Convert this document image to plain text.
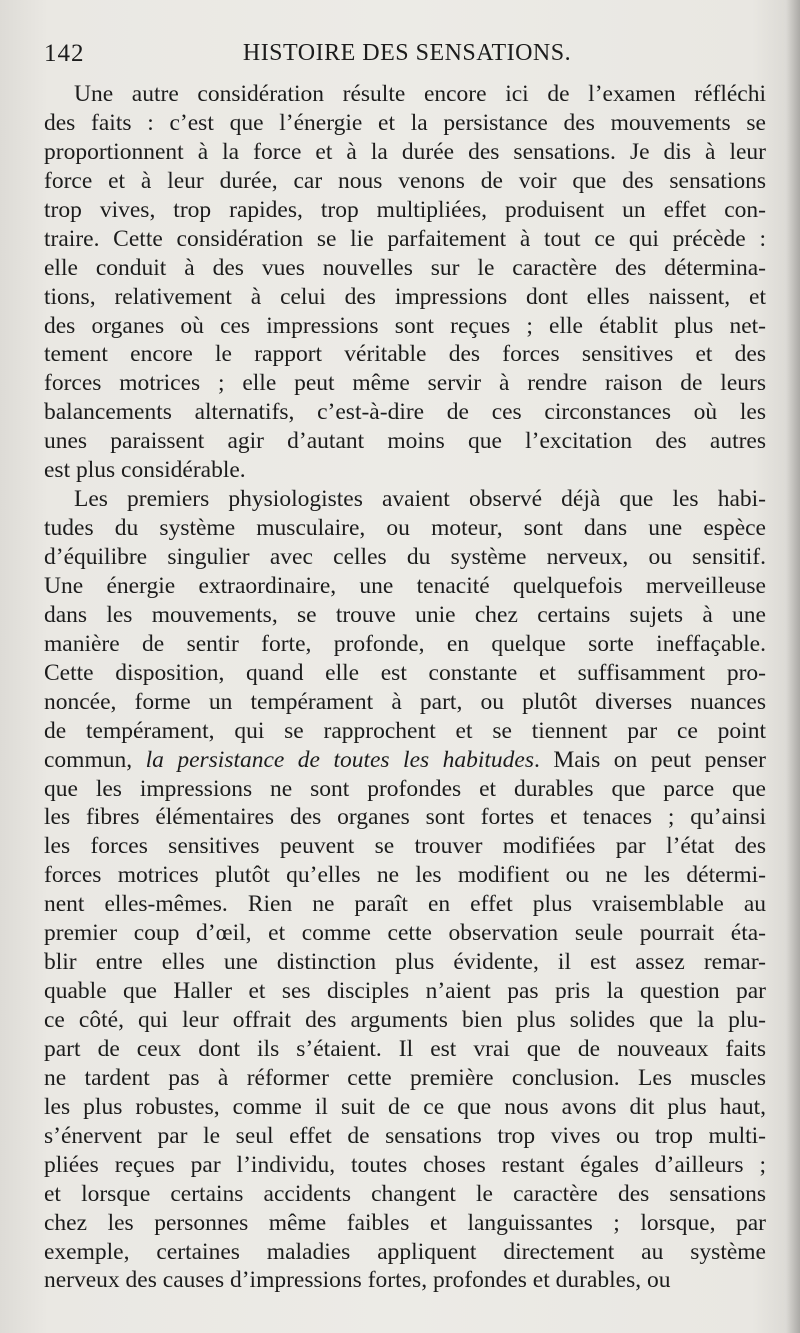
142	HISTOIRE DES SENSATIONS.
Une autre considération résulte encore ici de l’examen réfléchi
des faits : c’est que l’énergie et la persistance des mouvements se
proportionnent à la force et à la durée des sensations. Je dis à leur
force et à leur durée, car nous venons de voir que des sensations
trop vives, trop rapides, trop multipliées, produisent un effet con-
traire. Cette considération se lie parfaitement à tout ce qui précède :
elle conduit à des vues nouvelles sur le caractère des détermina-
tions, relativement à celui des impressions dont elles naissent, et
des organes où ces impressions sont reçues ; elle établit plus net-
tement encore le rapport véritable des forces sensitives et des
forces motrices ; elle peut même servir à rendre raison de leurs
balancements alternatifs, c’est-à-dire de ces circonstances où les
unes paraissent agir d’autant moins que l’excitation des autres
est plus considérable.
Les premiers physiologistes avaient observé déjà que les habi-
tudes du système musculaire, ou moteur, sont dans une espèce
d’équilibre singulier avec celles du système nerveux, ou sensitif.
Une énergie extraordinaire, une tenacité quelquefois merveilleuse
dans les mouvements, se trouve unie chez certains sujets à une
manière de sentir forte, profonde, en quelque sorte ineffaçable.
Cette disposition, quand elle est constante et suffisamment pro-
noncée, forme un tempérament à part, ou plutôt diverses nuances
de tempérament, qui se rapprochent et se tiennent par ce point
commun, la persistance de toutes les habitudes. Mais on peut penser
que les impressions ne sont profondes et durables que parce que
les fibres élémentaires des organes sont fortes et tenaces ; qu’ainsi
les forces sensitives peuvent se trouver modifiées par l’état des
forces motrices plutôt qu’elles ne les modifient ou ne les détermi-
nent elles-mêmes. Rien ne paraît en effet plus vraisemblable au
premier coup d’œil, et comme cette observation seule pourrait éta-
blir entre elles une distinction plus évidente, il est assez remar-
quable que Haller et ses disciples n’aient pas pris la question par
ce côté, qui leur offrait des arguments bien plus solides que la plu-
part de ceux dont ils s’étaient. Il est vrai que de nouveaux faits
ne tardent pas à réformer cette première conclusion. Les muscles
les plus robustes, comme il suit de ce que nous avons dit plus haut,
s’énervent par le seul effet de sensations trop vives ou trop multi-
pliées reçues par l’individu, toutes choses restant égales d’ailleurs ;
et lorsque certains accidents changent le caractère des sensations
chez les personnes même faibles et languissantes ; lorsque, par
exemple, certaines maladies appliquent directement au système
nerveux des causes d’impressions fortes, profondes et durables, ou
